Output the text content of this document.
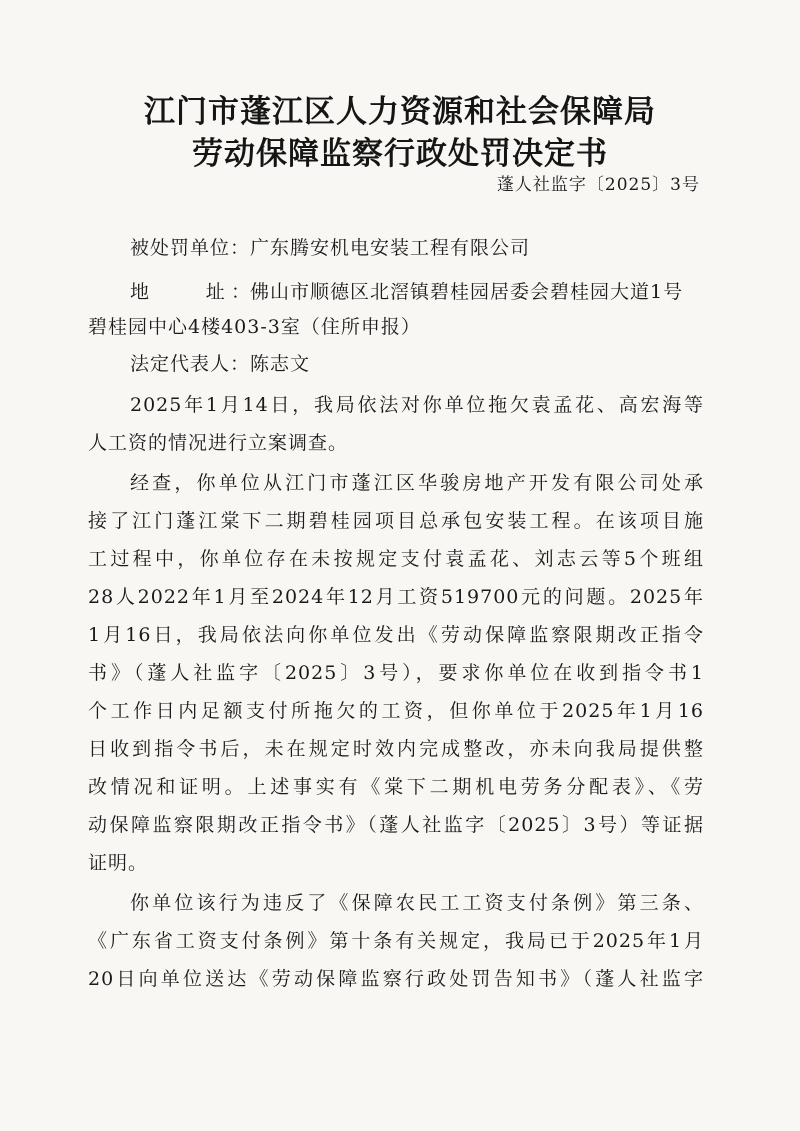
江门市蓬江区人力资源和社会保障局
劳动保障监察行政处罚决定书
蓬人社监字〔2025〕3号
被处罚单位：广东腾安机电安装工程有限公司
地　　址： 佛山市顺德区北滘镇碧桂园居委会碧桂园大道1号
碧桂园中心4楼403-3室（住所申报）
法定代表人：陈志文
2025年1月14日，我局依法对你单位拖欠袁孟花、高宏海等
人工资的情况进行立案调查。
经查，你单位从江门市蓬江区华骏房地产开发有限公司处承
接了江门蓬江棠下二期碧桂园项目总承包安装工程。在该项目施
工过程中，你单位存在未按规定支付袁孟花、刘志云等5个班组
28人2022年1月至2024年12月工资519700元的问题。2025年
1月16日，我局依法向你单位发出《劳动保障监察限期改正指令
书》（蓬人社监字〔2025〕3号），要求你单位在收到指令书1
个工作日内足额支付所拖欠的工资，但你单位于2025年1月16
日收到指令书后，未在规定时效内完成整改，亦未向我局提供整
改情况和证明。上述事实有《棠下二期机电劳务分配表》、《劳
动保障监察限期改正指令书》（蓬人社监字〔2025〕3号）等证据
证明。
你单位该行为违反了《保障农民工工资支付条例》第三条、
《广东省工资支付条例》第十条有关规定，我局已于2025年1月
20日向单位送达《劳动保障监察行政处罚告知书》（蓬人社监字
